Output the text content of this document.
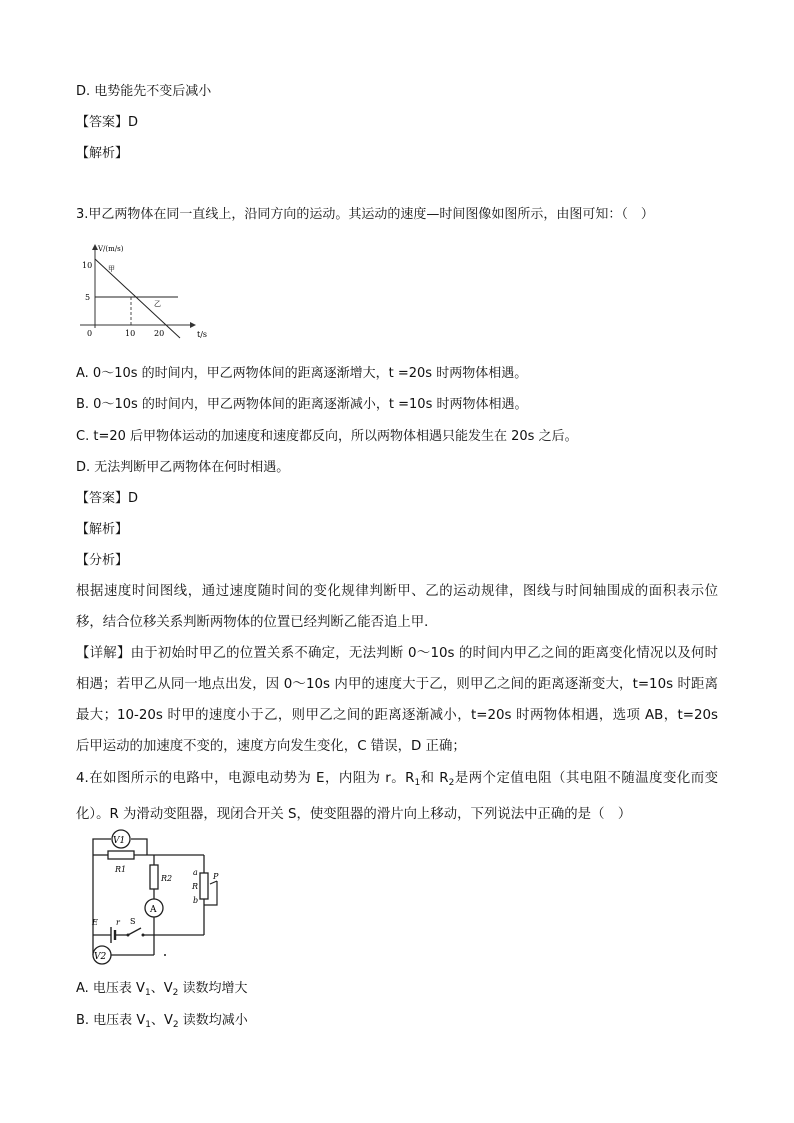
D. 电势能先不变后减小
【答案】D
【解析】
3.甲乙两物体在同一直线上，沿同方向的运动。其运动的速度—时间图像如图所示，由图可知：（　）
V/(m/s)
t/s
10
5
0	10 20
甲
乙
A. 0～10s 的时间内，甲乙两物体间的距离逐渐增大，t =20s 时两物体相遇。
B. 0～10s 的时间内，甲乙两物体间的距离逐渐减小，t =10s 时两物体相遇。
C. t=20 后甲物体运动的加速度和速度都反向，所以两物体相遇只能发生在 20s 之后。
D. 无法判断甲乙两物体在何时相遇。
【答案】D
【解析】
【分析】
根据速度时间图线，通过速度随时间的变化规律判断甲、乙的运动规律，图线与时间轴围成的面积表示位移，结合位移关系判断两物体的位置已经判断乙能否追上甲．
【详解】由于初始时甲乙的位置关系不确定，无法判断 0～10s 的时间内甲乙之间的距离变化情况以及何时相遇；若甲乙从同一地点出发，因 0～10s 内甲的速度大于乙，则甲乙之间的距离逐渐变大，t=10s 时距离最大；10-20s 时甲的速度小于乙，则甲乙之间的距离逐渐减小，t=20s 时两物体相遇，选项 AB，t=20s 后甲运动的加速度不变的，速度方向发生变化，C 错误，D 正确；
4.在如图所示的电路中，电源电动势为 E，内阻为 r。$R_1$和 $R_2$是两个定值电阻（其电阻不随温度变化而变化）。R 为滑动变阻器，现闭合开关 S，使变阻器的滑片向上移动，下列说法中正确的是（　）
V1
R1
R2
A
a
R
b
P
E r S
V2
A. 电压表 $V_1$、$V_2$ 读数均增大
B. 电压表 $V_1$、$V_2$ 读数均减小
